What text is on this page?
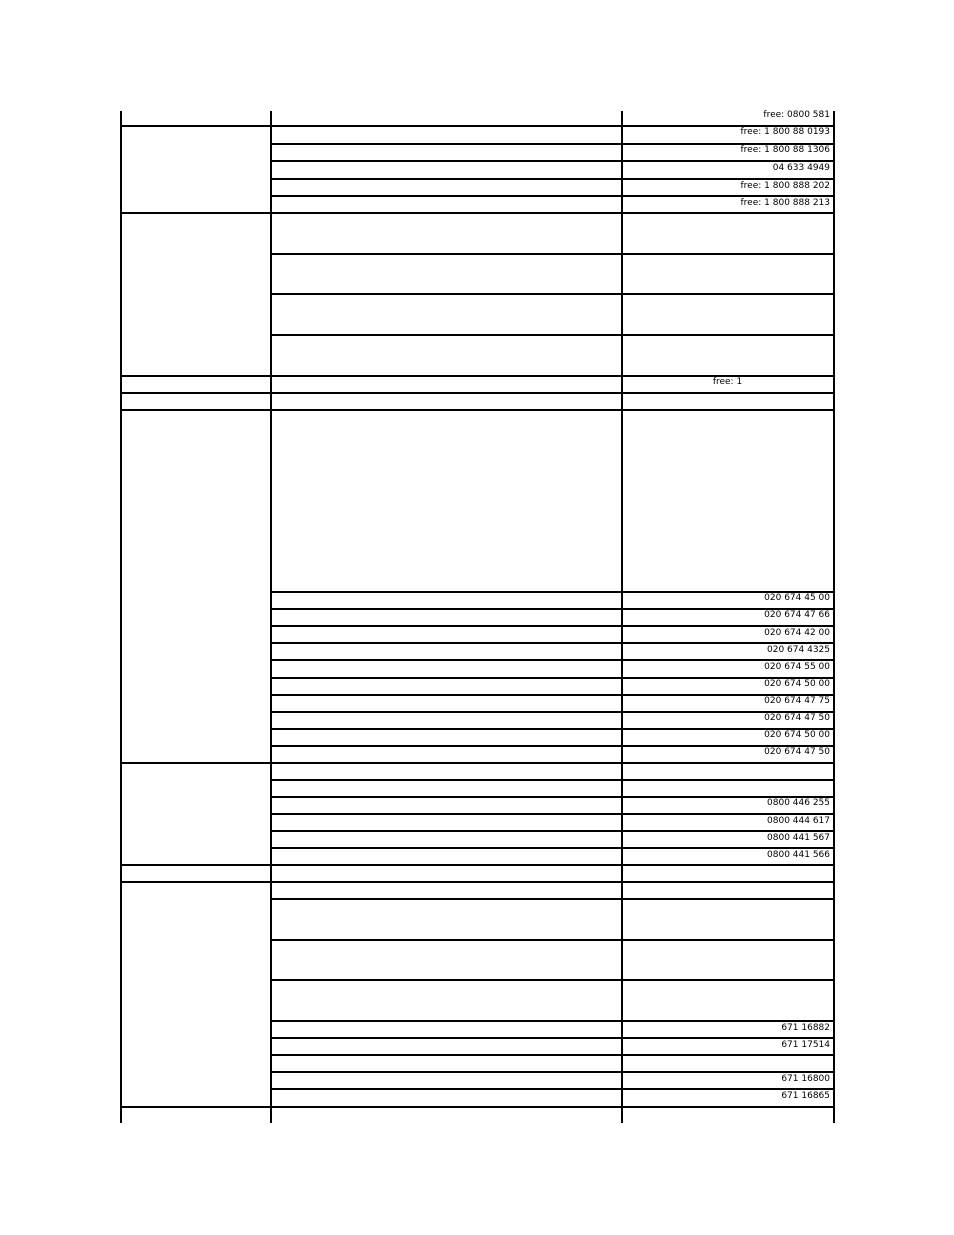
free: 0800 581
free: 1 800 88 0193
free: 1 800 88 1306
04 633 4949
free: 1 800 888 202
free: 1 800 888 213
free: 1
020 674 45 00
020 674 47 66
020 674 42 00
020 674 4325
020 674 55 00
020 674 50 00
020 674 47 75
020 674 47 50
020 674 50 00
020 674 47 50
0800 446 255
0800 444 617
0800 441 567
0800 441 566
671 16882
671 17514
671 16800
671 16865
